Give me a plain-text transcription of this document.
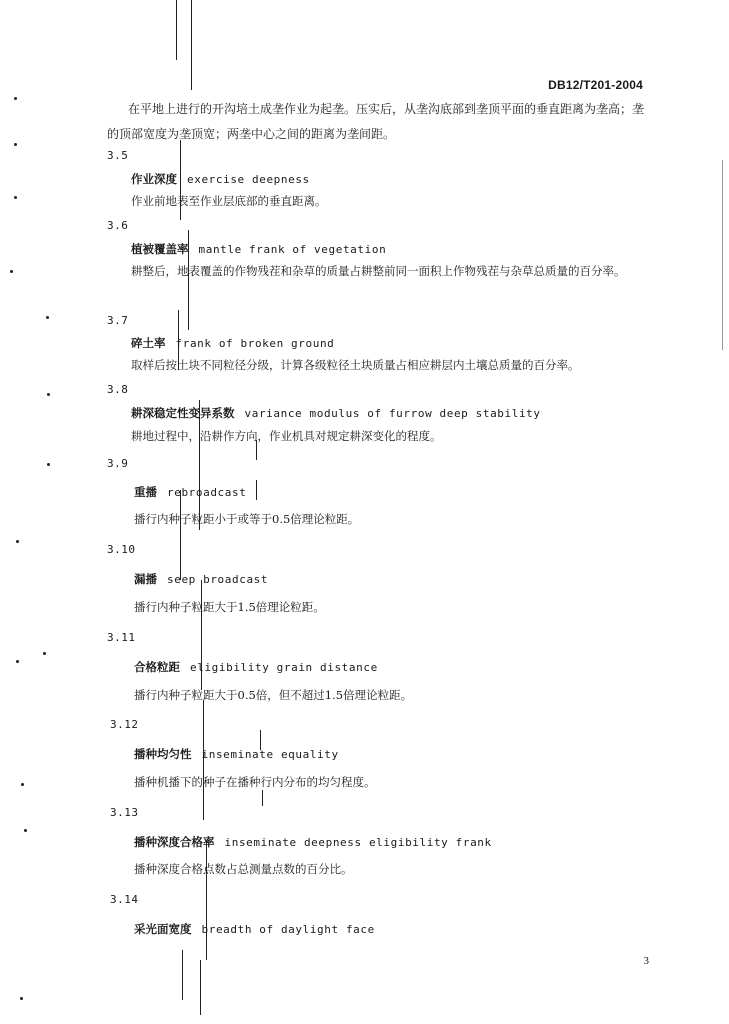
DB12/T201-2004
在平地上进行的开沟培土成垄作业为起垄。压实后，从垄沟底部到垄顶平面的垂直距离为垄高；垄的顶部宽度为垄顶宽；两垄中心之间的距离为垄间距。
3.5
作业深度 exercise deepness
作业前地表至作业层底部的垂直距离。
3.6
植被覆盖率 mantle frank of vegetation
耕整后，地表覆盖的作物残茬和杂草的质量占耕整前同一面积上作物残茬与杂草总质量的百分率。
3.7
碎土率 frank of broken ground
取样后按土块不同粒径分级，计算各级粒径土块质量占相应耕层内土壤总质量的百分率。
3.8
耕深稳定性变异系数 variance modulus of furrow deep stability
耕地过程中，沿耕作方向，作业机具对规定耕深变化的程度。
3.9
重播 rebroadcast
播行内种子粒距小于或等于0.5倍理论粒距。
3.10
漏播 seep broadcast
播行内种子粒距大于1.5倍理论粒距。
3.11
合格粒距 eligibility grain distance
播行内种子粒距大于0.5倍，但不超过1.5倍理论粒距。
3.12
播种均匀性 inseminate equality
播种机播下的种子在播种行内分布的均匀程度。
3.13
播种深度合格率 inseminate deepness eligibility frank
播种深度合格点数占总测量点数的百分比。
3.14
采光面宽度 breadth of daylight face
3
